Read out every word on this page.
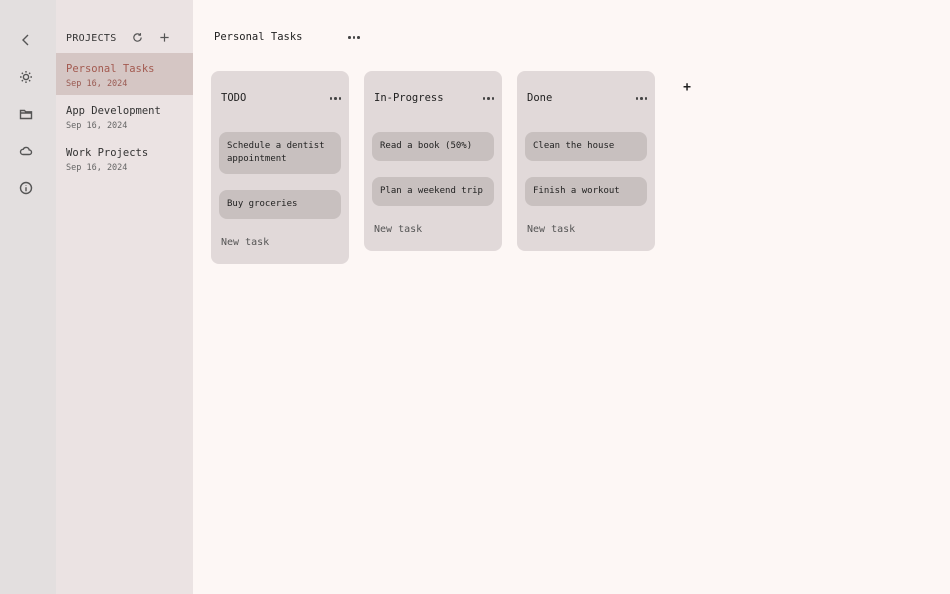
PROJECTS
Personal Tasks
Sep 16, 2024
App Development
Sep 16, 2024
Work Projects
Sep 16, 2024
Personal Tasks
TODO
Schedule a dentist appointment
Buy groceries
New task
In-Progress
Read a book (50%)
Plan a weekend trip
New task
Done
Clean the house
Finish a workout
New task
+
